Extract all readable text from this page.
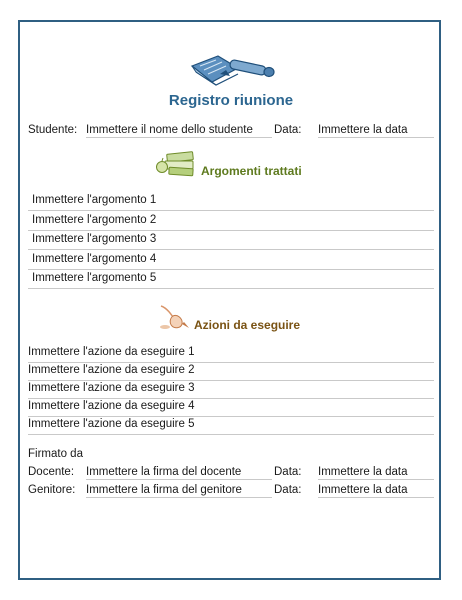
Registro riunione
Studente: Immettere il nome dello studente	Data: Immettere la data
Argomenti trattati
Immettere l'argomento 1
Immettere l'argomento 2
Immettere l'argomento 3
Immettere l'argomento 4
Immettere l'argomento 5
Azioni da eseguire
Immettere l'azione da eseguire 1
Immettere l'azione da eseguire 2
Immettere l'azione da eseguire 3
Immettere l'azione da eseguire 4
Immettere l'azione da eseguire 5
Firmato da
Docente: Immettere la firma del docente	Data: Immettere la data
Genitore: Immettere la firma del genitore	Data: Immettere la data
